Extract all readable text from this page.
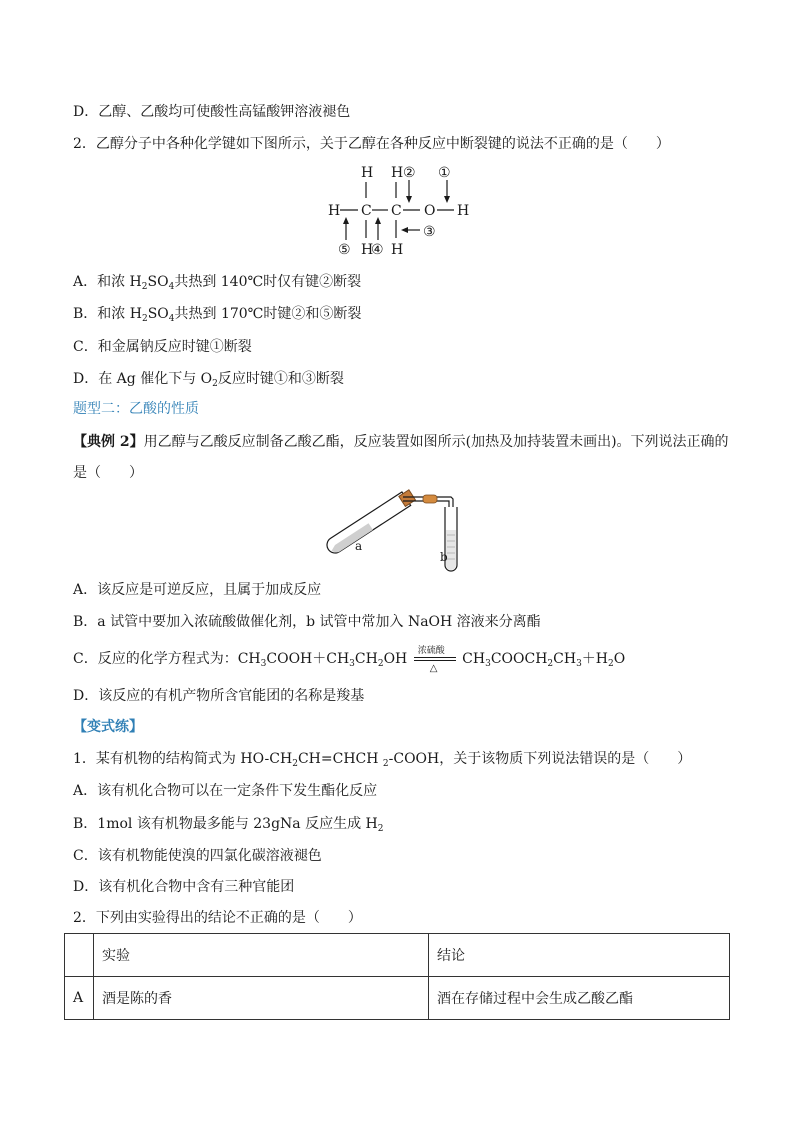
D．乙醇、乙酸均可使酸性高锰酸钾溶液褪色
2．乙醇分子中各种化学键如下图所示，关于乙醇在各种反应中断裂键的说法不正确的是（　　）
H H ② ①
H C C O H
⑤ H
④ H
③
A．和浓 $H_2SO_4$共热到 140℃时仅有键②断裂
B．和浓 $H_2SO_4$共热到 170℃时键②和⑤断裂
C．和金属钠反应时键①断裂
D．在 Ag 催化下与 $O_2$反应时键①和③断裂
题型二：乙酸的性质
【典例 2】用乙醇与乙酸反应制备乙酸乙酯，反应装置如图所示(加热及加持装置未画出)。下列说法正确的
是（　　）
a
b
A．该反应是可逆反应，且属于加成反应
B．a 试管中要加入浓硫酸做催化剂，b 试管中常加入 NaOH 溶液来分离酯
C．反应的化学方程式为：$CH_3COOH+CH_3CH_2OH$ 浓硫酸
△
$CH_3COOCH_2CH_3+H_2O$
D．该反应的有机产物所含官能团的名称是羧基
【变式练】
1．某有机物的结构简式为 $HO-CH_2CH=CHCH$ $_2$-COOH，关于该物质下列说法错误的是（　　）
A．该有机化合物可以在一定条件下发生酯化反应
B．1mol 该有机物最多能与 23gNa 反应生成 $H_2$
C．该有机物能使溴的四氯化碳溶液褪色
D．该有机化合物中含有三种官能团
2．下列由实验得出的结论不正确的是（　　）
	实验	结论
A	酒是陈的香	酒在存储过程中会生成乙酸乙酯
